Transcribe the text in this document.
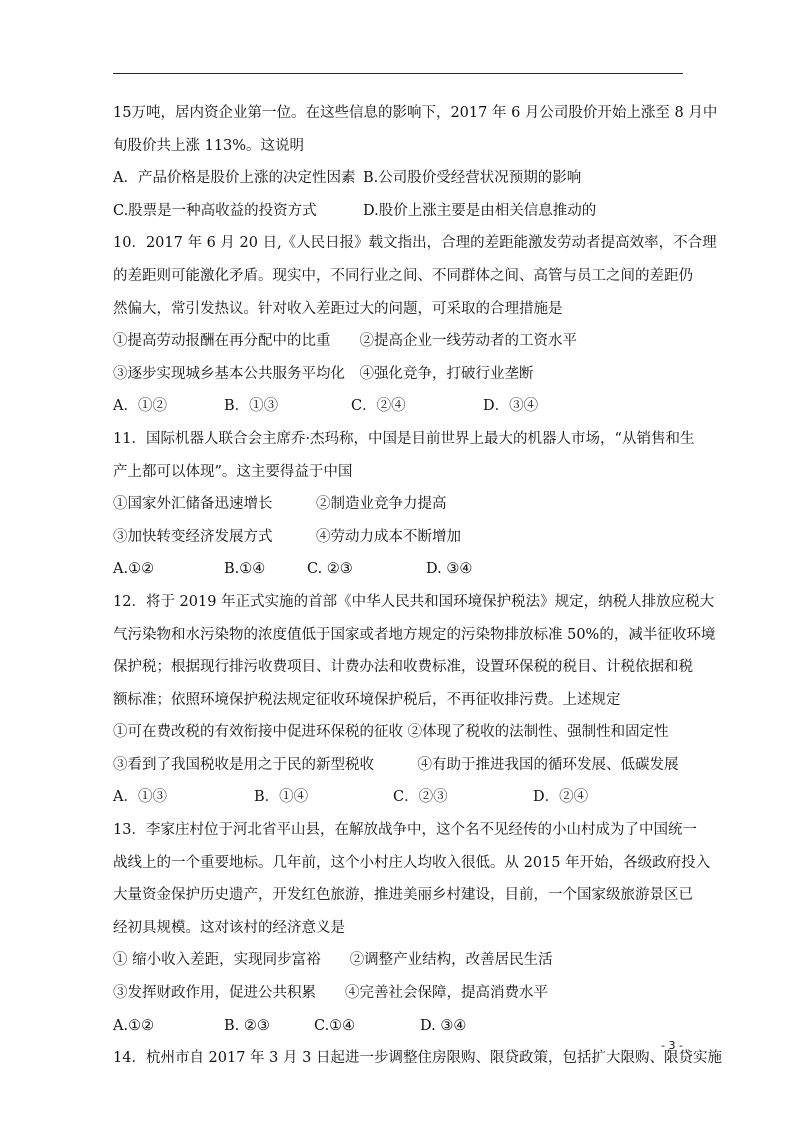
15万吨，居内资企业第一位。在这些信息的影响下，2017 年 6 月公司股价开始上涨至 8 月中
旬股价共上涨 113%。这说明
A．产品价格是股价上涨的决定性因素 B.公司股价受经营状况预期的影响
C.股票是一种高收益的投资方式	D.股价上涨主要是由相关信息推动的
10．2017 年 6 月 20 日,《人民日报》载文指出，合理的差距能激发劳动者提高效率，不合理
的差距则可能激化矛盾。现实中，不同行业之间、不同群体之间、高管与员工之间的差距仍
然偏大，常引发热议。针对收入差距过大的问题，可采取的合理措施是
①提高劳动报酬在再分配中的比重　　②提高企业一线劳动者的工资水平
③逐步实现城乡基本公共服务平均化　④强化竞争，打破行业垄断
A．①②	B．①③	C．②④	D．③④
11．国际机器人联合会主席乔·杰玛称，中国是目前世界上最大的机器人市场，“从销售和生
产上都可以体现”。这主要得益于中国
①国家外汇储备迅速增长　　　②制造业竞争力提高
③加快转变经济发展方式　　　④劳动力成本不断增加
A.①②	B.①④	C. ②③	D. ③④
12．将于 2019 年正式实施的首部《中华人民共和国环境保护税法》规定，纳税人排放应税大
气污染物和水污染物的浓度值低于国家或者地方规定的污染物排放标准 50%的，减半征收环境
保护税；根据现行排污收费项目、计费办法和收费标准，设置环保税的税目、计税依据和税
额标准；依照环境保护税法规定征收环境保护税后，不再征收排污费。上述规定
①可在费改税的有效衔接中促进环保税的征收 ②体现了税收的法制性、强制性和固定性
③看到了我国税收是用之于民的新型税收　　　④有助于推进我国的循环发展、低碳发展
A．①③	B．①④	C．②③	D．②④
13．李家庄村位于河北省平山县，在解放战争中，这个名不见经传的小山村成为了中国统一
战线上的一个重要地标。几年前，这个小村庄人均收入很低。从 2015 年开始，各级政府投入
大量资金保护历史遗产，开发红色旅游，推进美丽乡村建设，目前，一个国家级旅游景区已
经初具规模。这对该村的经济意义是
① 缩小收入差距，实现同步富裕　　②调整产业结构，改善居民生活
③发挥财政作用，促进公共积累　　④完善社会保障，提高消费水平
A.①②	B. ②③	C.①④	D. ③④
14．杭州市自 2017 年 3 月 3 日起进一步调整住房限购、限贷政策，包括扩大限购、限贷实施
- 3 -
